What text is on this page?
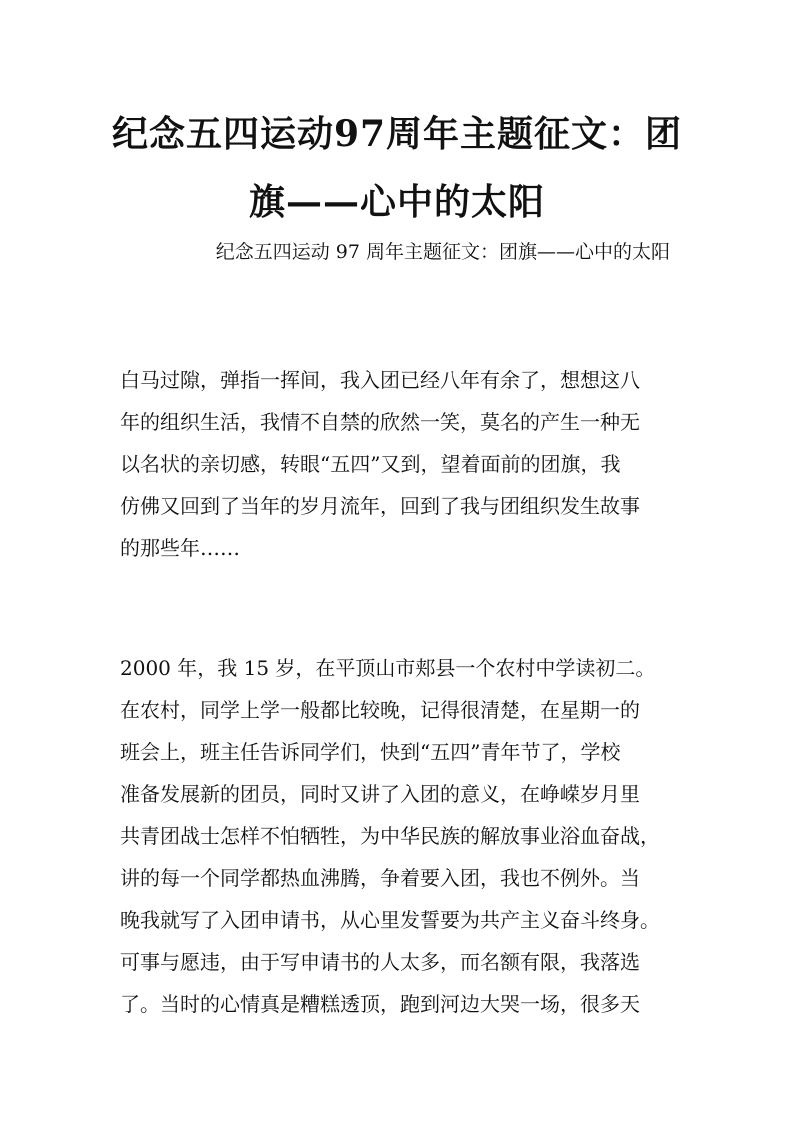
纪念五四运动97周年主题征文：团旗——心中的太阳

纪念五四运动 97 周年主题征文：团旗——心中的太阳

白马过隙，弹指一挥间，我入团已经八年有余了，想想这八
年的组织生活，我情不自禁的欣然一笑，莫名的产生一种无
以名状的亲切感，转眼“五四”又到，望着面前的团旗，我
仿佛又回到了当年的岁月流年，回到了我与团组织发生故事
的那些年……
2000 年，我 15 岁，在平顶山市郏县一个农村中学读初二。
在农村，同学上学一般都比较晚，记得很清楚，在星期一的
班会上，班主任告诉同学们，快到“五四”青年节了，学校
准备发展新的团员，同时又讲了入团的意义，在峥嵘岁月里
共青团战士怎样不怕牺牲，为中华民族的解放事业浴血奋战，
讲的每一个同学都热血沸腾，争着要入团，我也不例外。当
晚我就写了入团申请书，从心里发誓要为共产主义奋斗终身。
可事与愿违，由于写申请书的人太多，而名额有限，我落选
了。当时的心情真是糟糕透顶，跑到河边大哭一场，很多天
